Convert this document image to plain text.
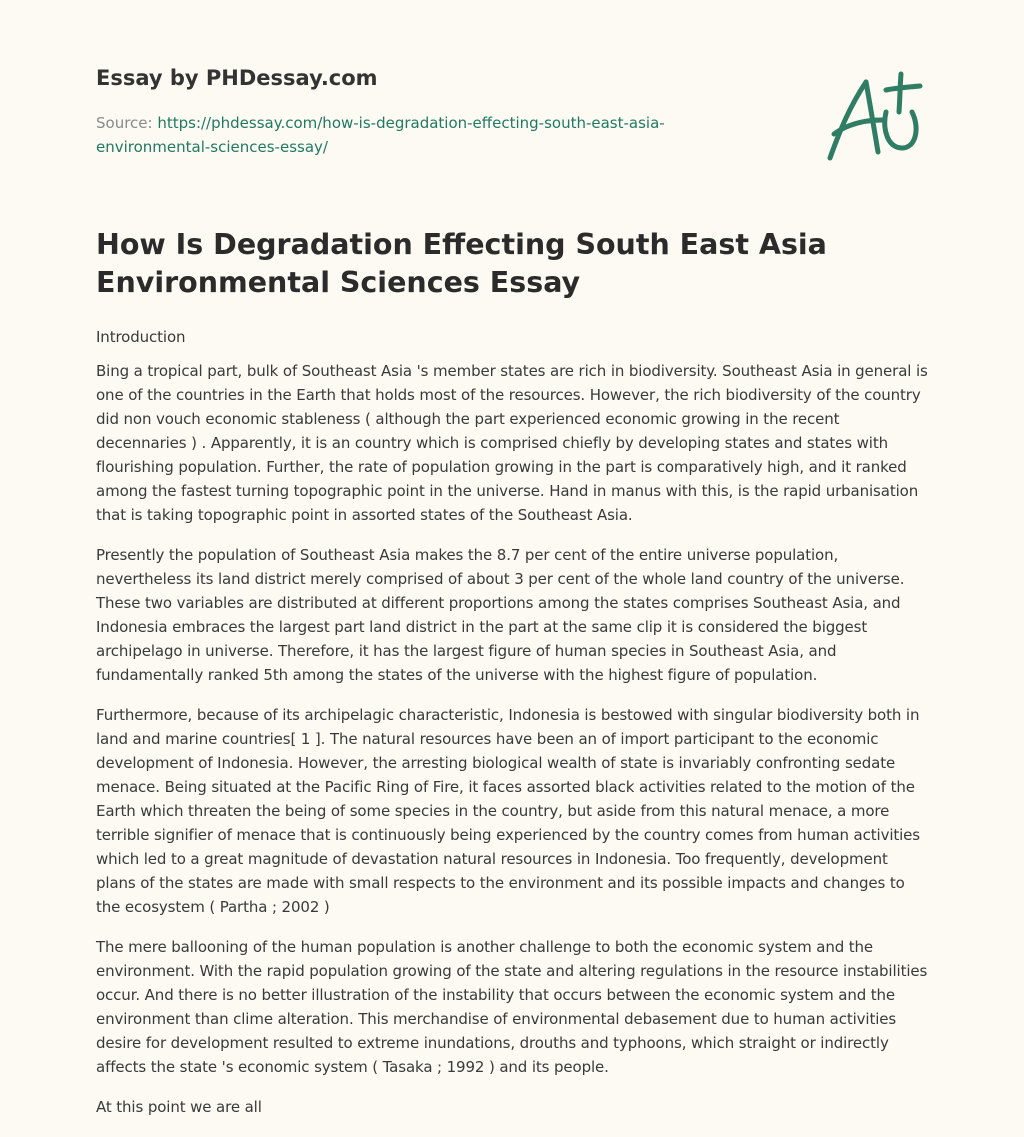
Essay by PHDessay.com
Source: https://phdessay.com/how-is-degradation-effecting-south-east-asia-environmental-sciences-essay/
How Is Degradation Effecting South East Asia Environmental Sciences Essay

Introduction

Bing a tropical part, bulk of Southeast Asia 's member states are rich in biodiversity. Southeast Asia in general is one of the countries in the Earth that holds most of the resources. However, the rich biodiversity of the country did non vouch economic stableness ( although the part experienced economic growing in the recent decennaries ) . Apparently, it is an country which is comprised chiefly by developing states and states with flourishing population. Further, the rate of population growing in the part is comparatively high, and it ranked among the fastest turning topographic point in the universe. Hand in manus with this, is the rapid urbanisation that is taking topographic point in assorted states of the Southeast Asia.

Presently the population of Southeast Asia makes the 8.7 per cent of the entire universe population, nevertheless its land district merely comprised of about 3 per cent of the whole land country of the universe. These two variables are distributed at different proportions among the states comprises Southeast Asia, and Indonesia embraces the largest part land district in the part at the same clip it is considered the biggest archipelago in universe. Therefore, it has the largest figure of human species in Southeast Asia, and fundamentally ranked 5th among the states of the universe with the highest figure of population.

Furthermore, because of its archipelagic characteristic, Indonesia is bestowed with singular biodiversity both in land and marine countries[ 1 ]. The natural resources have been an of import participant to the economic development of Indonesia. However, the arresting biological wealth of state is invariably confronting sedate menace. Being situated at the Pacific Ring of Fire, it faces assorted black activities related to the motion of the Earth which threaten the being of some species in the country, but aside from this natural menace, a more terrible signifier of menace that is continuously being experienced by the country comes from human activities which led to a great magnitude of devastation natural resources in Indonesia. Too frequently, development plans of the states are made with small respects to the environment and its possible impacts and changes to the ecosystem ( Partha ; 2002 )

The mere ballooning of the human population is another challenge to both the economic system and the environment. With the rapid population growing of the state and altering regulations in the resource instabilities occur. And there is no better illustration of the instability that occurs between the economic system and the environment than clime alteration. This merchandise of environmental debasement due to human activities desire for development resulted to extreme inundations, drouths and typhoons, which straight or indirectly affects the state 's economic system ( Tasaka ; 1992 ) and its people.

At this point we are all
